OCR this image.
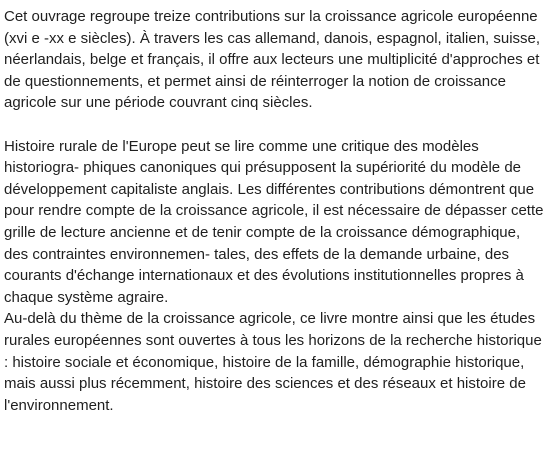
Cet ouvrage regroupe treize contributions sur la croissance agricole européenne (xvi e -xx e siècles). À travers les cas allemand, danois, espagnol, italien, suisse, néerlandais, belge et français, il offre aux lecteurs une multiplicité d'approches et de questionnements, et permet ainsi de réinterroger la notion de croissance agricole sur une période couvrant cinq siècles.

Histoire rurale de l'Europe peut se lire comme une critique des modèles historiogra- phiques canoniques qui présupposent la supériorité du modèle de développement capitaliste anglais. Les différentes contributions démontrent que pour rendre compte de la croissance agricole, il est nécessaire de dépasser cette grille de lecture ancienne et de tenir compte de la croissance démographique, des contraintes environnemen- tales, des effets de la demande urbaine, des courants d'échange internationaux et des évolutions institutionnelles propres à chaque système agraire.

Au-delà du thème de la croissance agricole, ce livre montre ainsi que les études rurales européennes sont ouvertes à tous les horizons de la recherche historique : histoire sociale et économique, histoire de la famille, démographie historique, mais aussi plus récemment, histoire des sciences et des réseaux et histoire de l'environnement.
